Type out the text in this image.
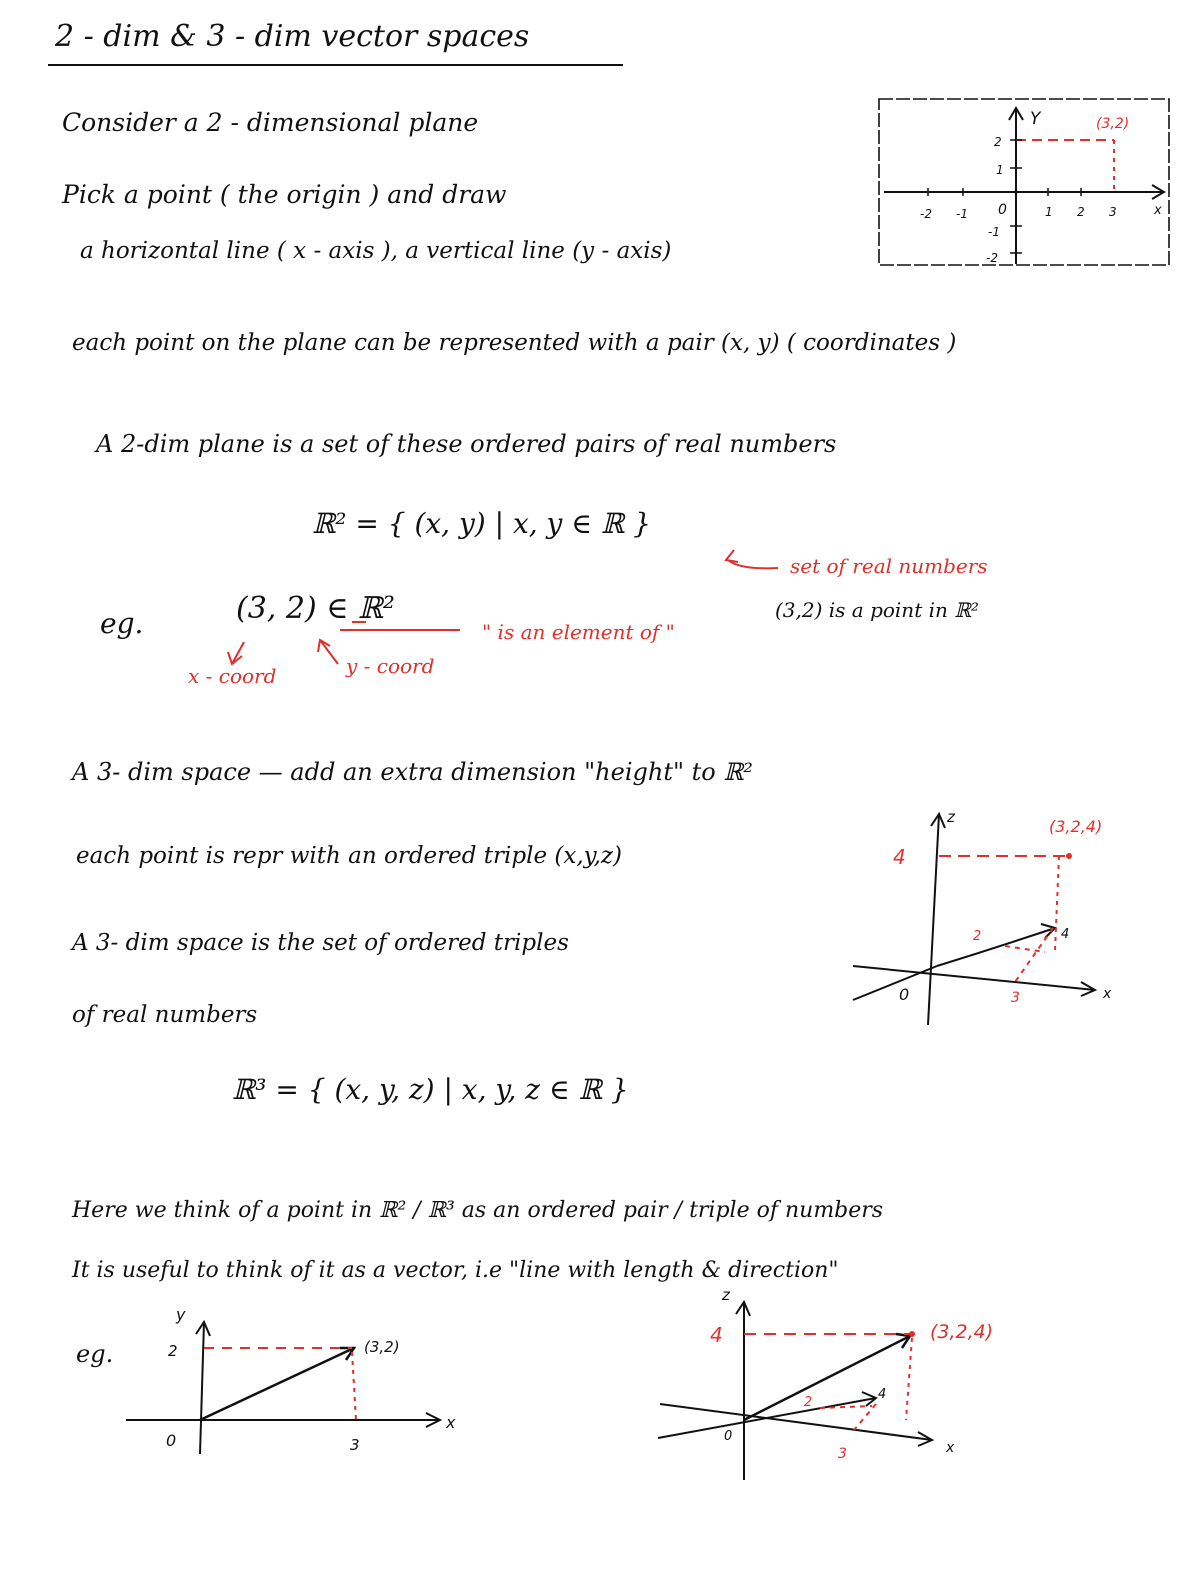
2 - dim & 3 - dim vector spaces
Consider a 2 - dimensional plane
Pick a point ( the origin ) and draw
a horizontal line ( x - axis ), a vertical line (y - axis)
Y	(3,2)
x
-2 -1 0	1 2 3
2
1
-1
-2
each point on the plane can be represented with a pair (x, y) ( coordinates )
A 2-dim plane is a set of these ordered pairs of real numbers
ℝ² = { (x, y) | x, y ∈ ℝ }
set of real numbers
eg.	(3, 2) ∈ ℝ²
" is an element of "
(3,2) is a point in ℝ²
x - coord	y - coord
A 3- dim space — add an extra dimension "height" to ℝ²
each point is repr with an ordered triple (x,y,z)
A 3- dim space is the set of ordered triples
of real numbers
ℝ³ = { (x, y, z) | x, y, z ∈ ℝ }
z
x
4
0
(3,2,4)
3
2	4
Here we think of a point in ℝ² / ℝ³ as an ordered pair / triple of numbers
It is useful to think of it as a vector, i.e "line with length & direction"
eg.
y
2
x
3
0
(3,2)
z
4
0
x
(3,2,4)
3
2
4
